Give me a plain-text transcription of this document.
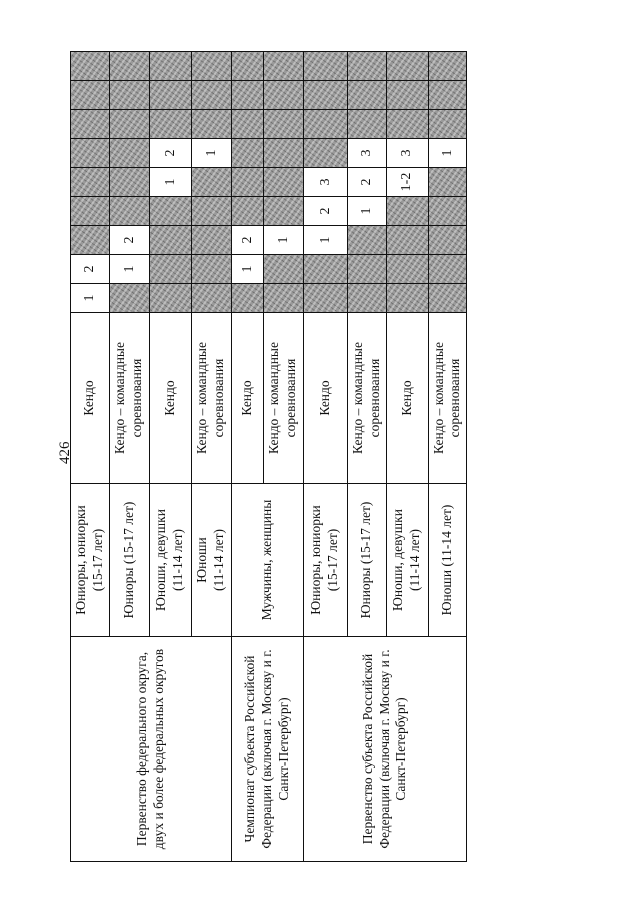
426
Первенство федерального округа, двух и более федеральных округов	Юниоры, юниорки
(15-17 лет)	Кендо	1	2							

	Юниоры (15-17 лет)	Кендо – командные
соревнования		1	2						

	Юноши, девушки
(11-14 лет)	Кендо					1	2			

	Юноши
(11-14 лет)	Кендо – командные
соревнования						1			
Чемпионат субъекта Российской Федерации (включая г. Москву и г. Санкт-Петербург)	Мужчины, женщины	Кендо		1	2						

		Кендо – командные
соревнования			1						
Первенство субъекта Российской Федерации (включая г. Москву и г. Санкт-Петербург)	Юниоры, юниорки
(15-17 лет)	Кендо			1	2	3				

	Юниоры (15-17 лет)	Кендо – командные
соревнования				1	2	3			

	Юноши, девушки
(11-14 лет)	Кендо					1-2	3			

	Юноши (11-14 лет)	Кендо – командные
соревнования						1			
